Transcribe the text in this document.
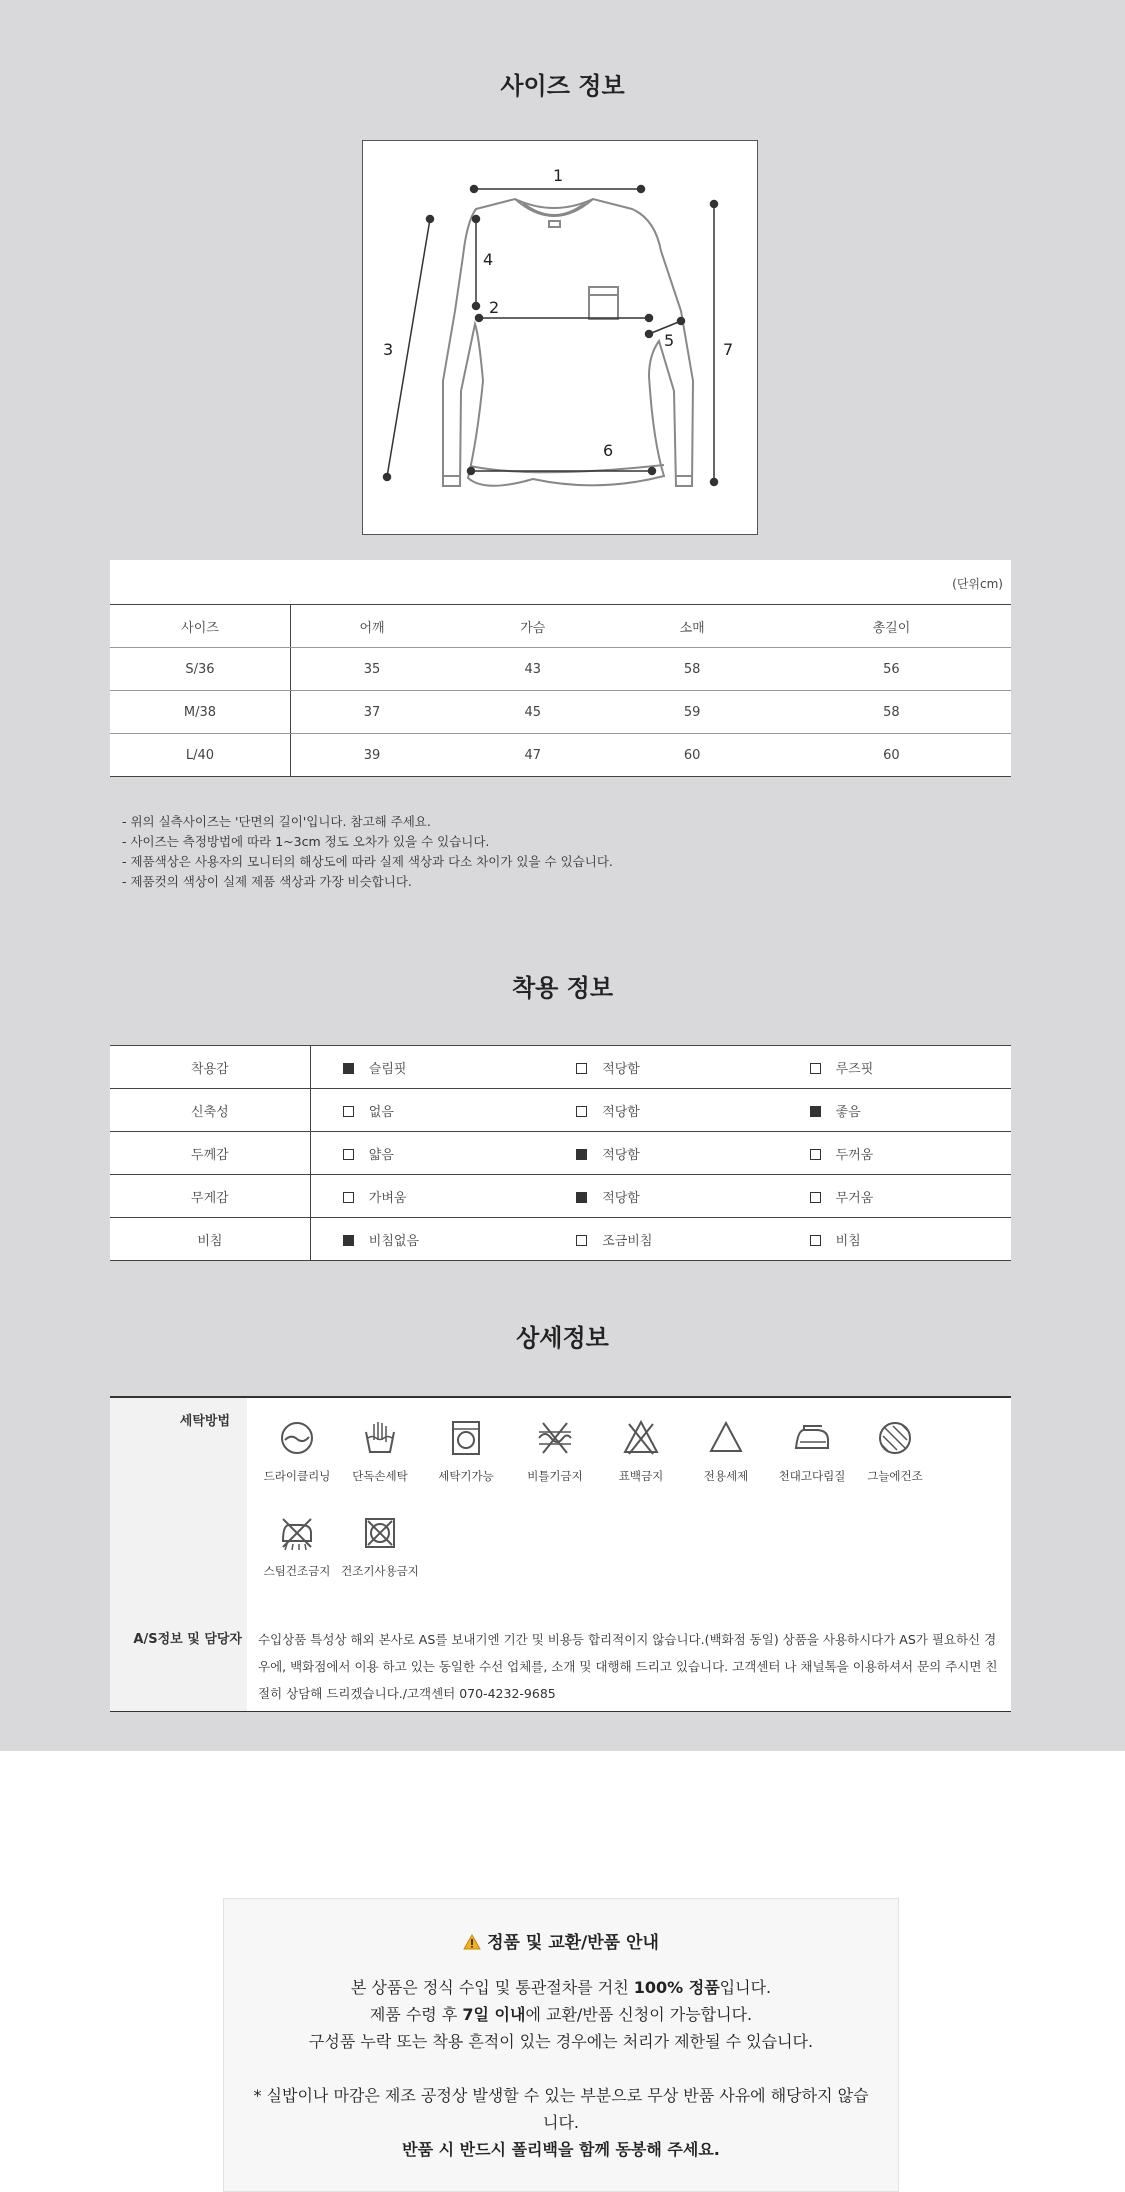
사이즈 정보
1
2
3
4
5
6
7
(단위cm)
사이즈	어깨	가슴	소매	총길이
S/36	35	43	58	56
M/38	37	45	59	58
L/40	39	47	60	60
- 위의 실측사이즈는 '단면의 길이'입니다. 참고해 주세요.
- 사이즈는 측정방법에 따라 1~3cm 정도 오차가 있을 수 있습니다.
- 제품색상은 사용자의 모니터의 해상도에 따라 실제 색상과 다소 차이가 있을 수 있습니다.
- 제품컷의 색상이 실제 제품 색상과 가장 비슷합니다.
착용 정보
착용감	슬림핏	적당함	루즈핏
신축성	없음	적당함	좋음
두께감	얇음	적당함	두꺼움
무게감	가벼움	적당함	무거움
비침	비침없음	조금비침	비침
상세정보
세탁방법
A/S정보 및 담당자
드라이클리닝	단독손세탁	세탁기가능	비틀기금지	표백금지	전용세제	천대고다림질	그늘에건조
스팀건조금지 건조기사용금지
수입상품 특성상 해외 본사로 AS를 보내기엔 기간 및 비용등 합리적이지 않습니다.(백화점 동일) 상품을 사용하시다가 AS가 필요하신 경우에, 백화점에서 이용 하고 있는 동일한 수선 업체를, 소개 및 대행해 드리고 있습니다. 고객센터 나 채널톡을 이용하셔서 문의 주시면 친절히 상담해 드리겠습니다./고객센터 070-4232-9685
정품 및 교환/반품 안내

본 상품은 정식 수입 및 통관절차를 거친 100% 정품입니다.

제품 수령 후 7일 이내에 교환/반품 신청이 가능합니다.

구성품 누락 또는 착용 흔적이 있는 경우에는 처리가 제한될 수 있습니다.

* 실밥이나 마감은 제조 공정상 발생할 수 있는 부분으로 무상 반품 사유에 해당하지 않습니다.

반품 시 반드시 폴리백을 함께 동봉해 주세요.
